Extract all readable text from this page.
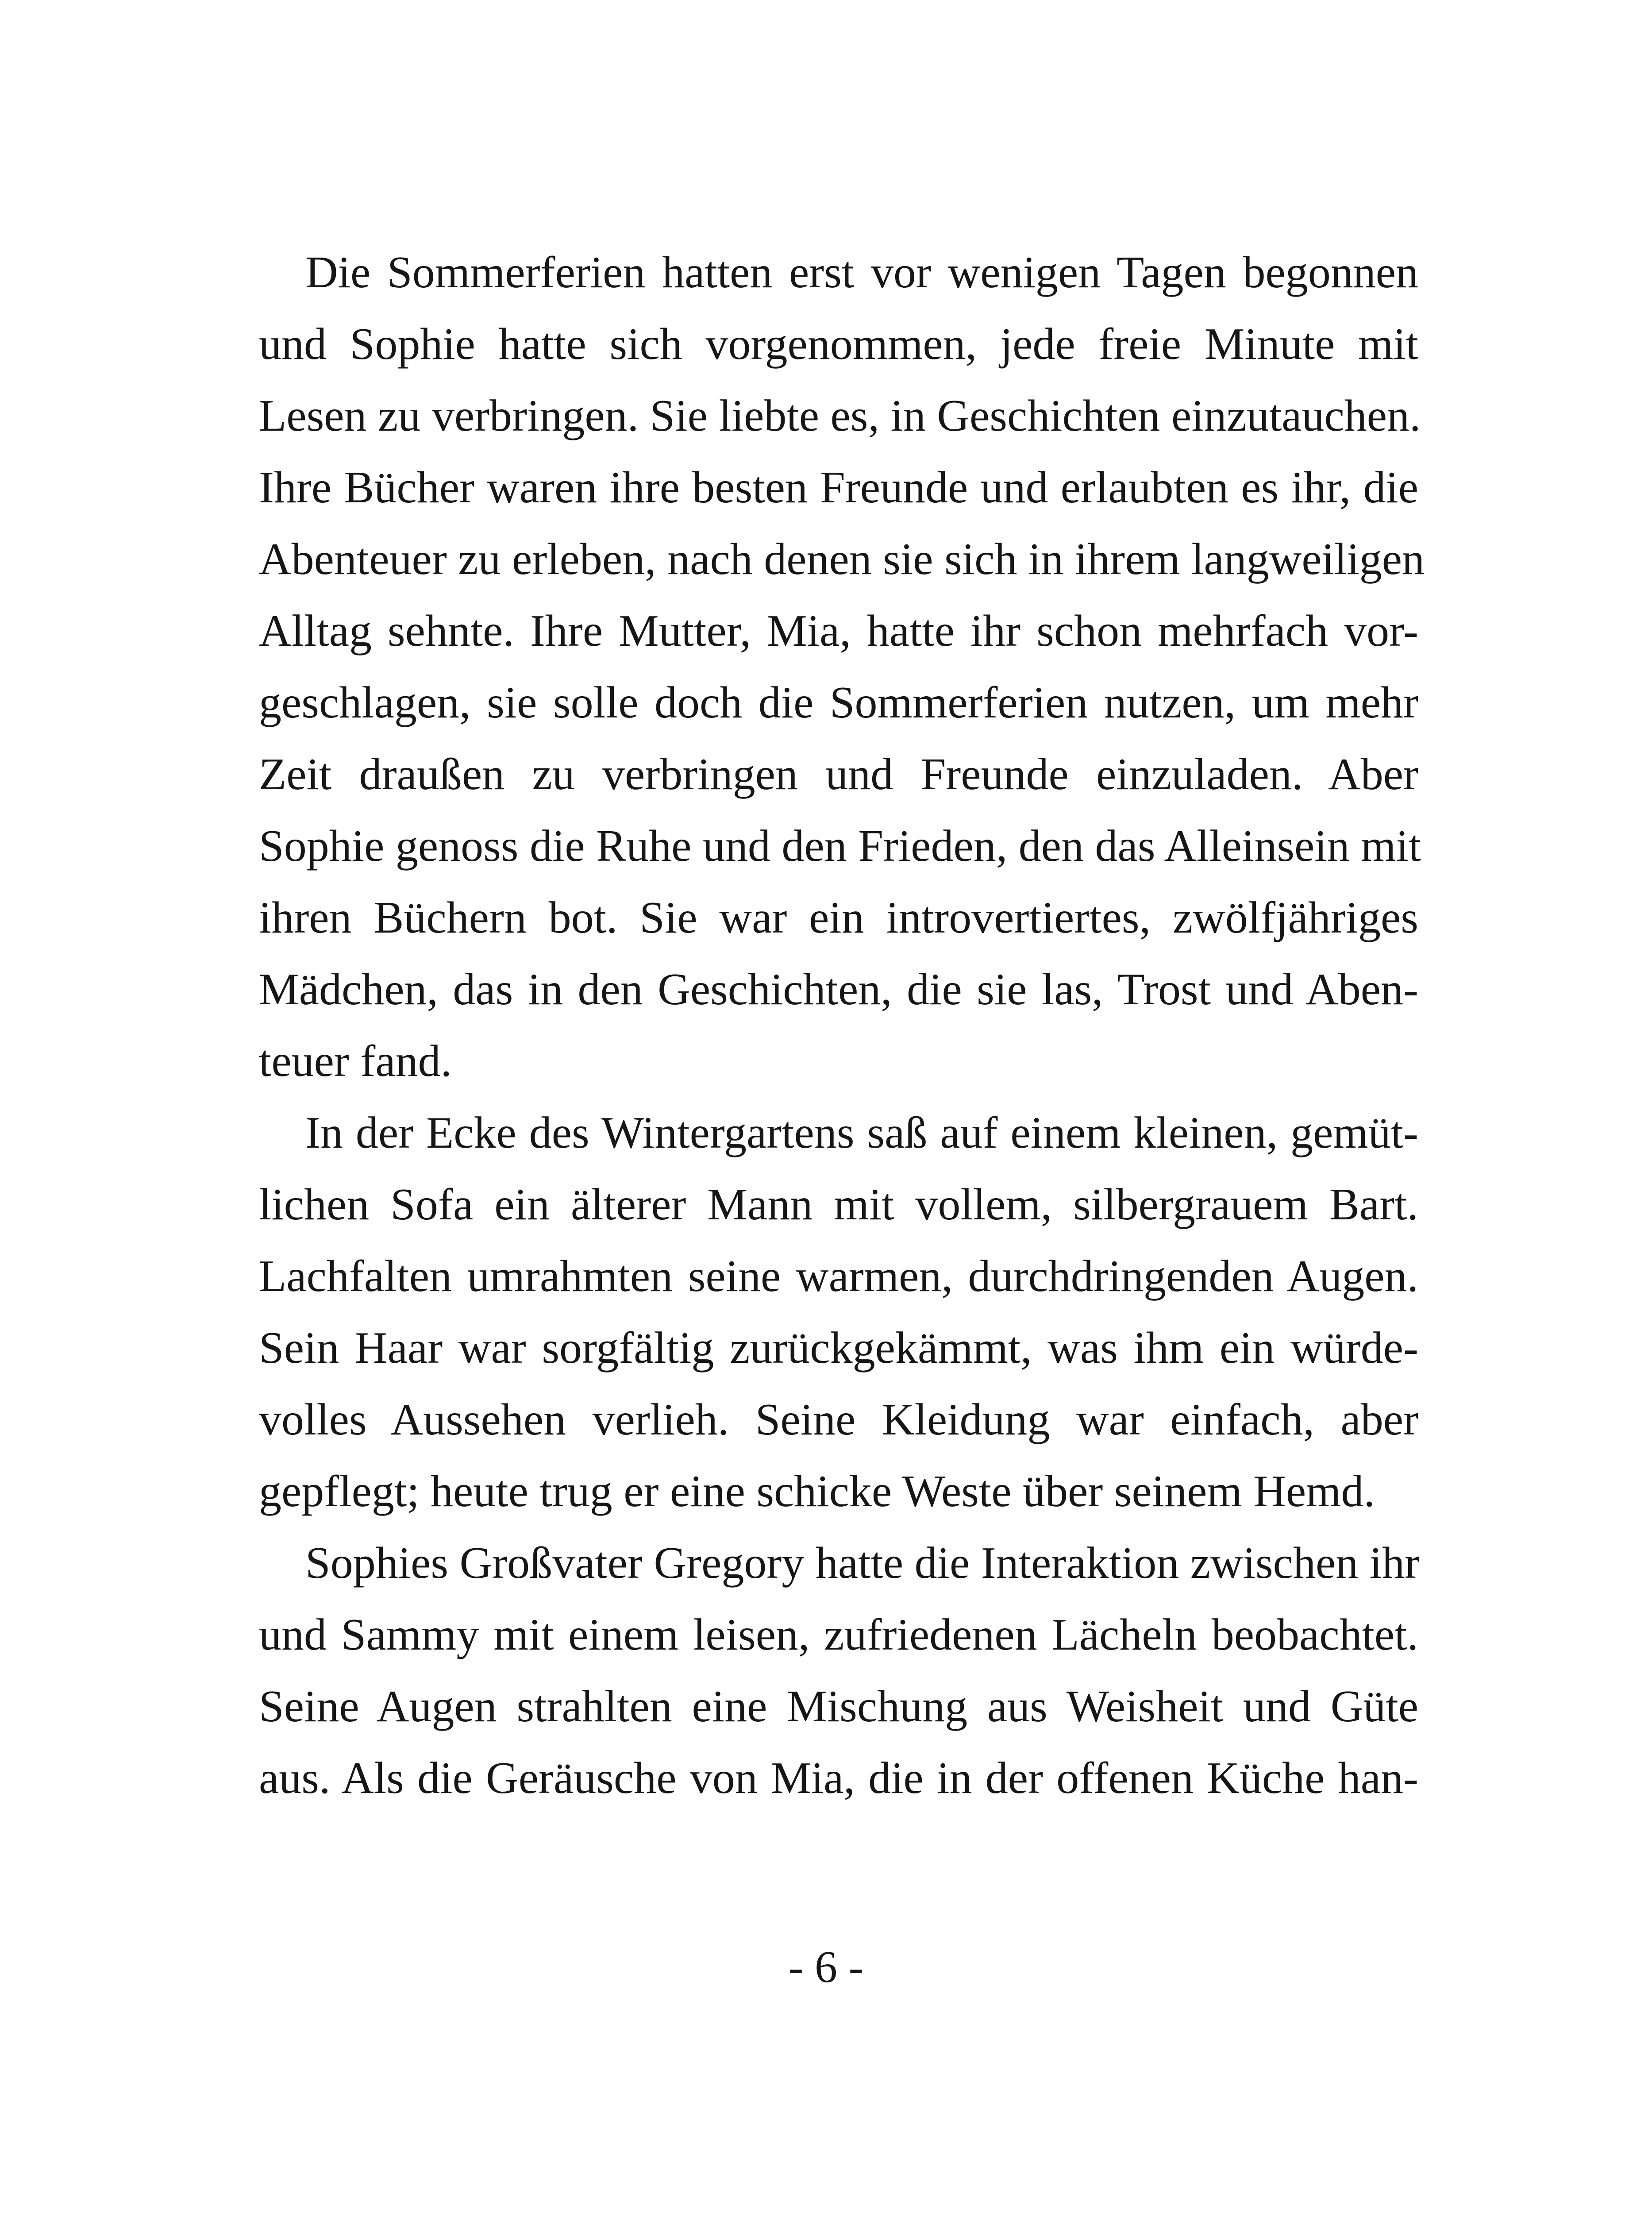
Die Sommerferien hatten erst vor wenigen Tagen begonnen
und Sophie hatte sich vorgenommen, jede freie Minute mit
Lesen zu verbringen. Sie liebte es, in Geschichten einzutauchen.
Ihre Bücher waren ihre besten Freunde und erlaubten es ihr, die
Abenteuer zu erleben, nach denen sie sich in ihrem langweiligen
Alltag sehnte. Ihre Mutter, Mia, hatte ihr schon mehrfach vor-
geschlagen, sie solle doch die Sommerferien nutzen, um mehr
Zeit draußen zu verbringen und Freunde einzuladen. Aber
Sophie genoss die Ruhe und den Frieden, den das Alleinsein mit
ihren Büchern bot. Sie war ein introvertiertes, zwölfjähriges
Mädchen, das in den Geschichten, die sie las, Trost und Aben-
teuer fand.
In der Ecke des Wintergartens saß auf einem kleinen, gemüt-
lichen Sofa ein älterer Mann mit vollem, silbergrauem Bart.
Lachfalten umrahmten seine warmen, durchdringenden Augen.
Sein Haar war sorgfältig zurückgekämmt, was ihm ein würde-
volles Aussehen verlieh. Seine Kleidung war einfach, aber
gepflegt; heute trug er eine schicke Weste über seinem Hemd.
Sophies Großvater Gregory hatte die Interaktion zwischen ihr
und Sammy mit einem leisen, zufriedenen Lächeln beobachtet.
Seine Augen strahlten eine Mischung aus Weisheit und Güte
aus. Als die Geräusche von Mia, die in der offenen Küche han-
- 6 -
